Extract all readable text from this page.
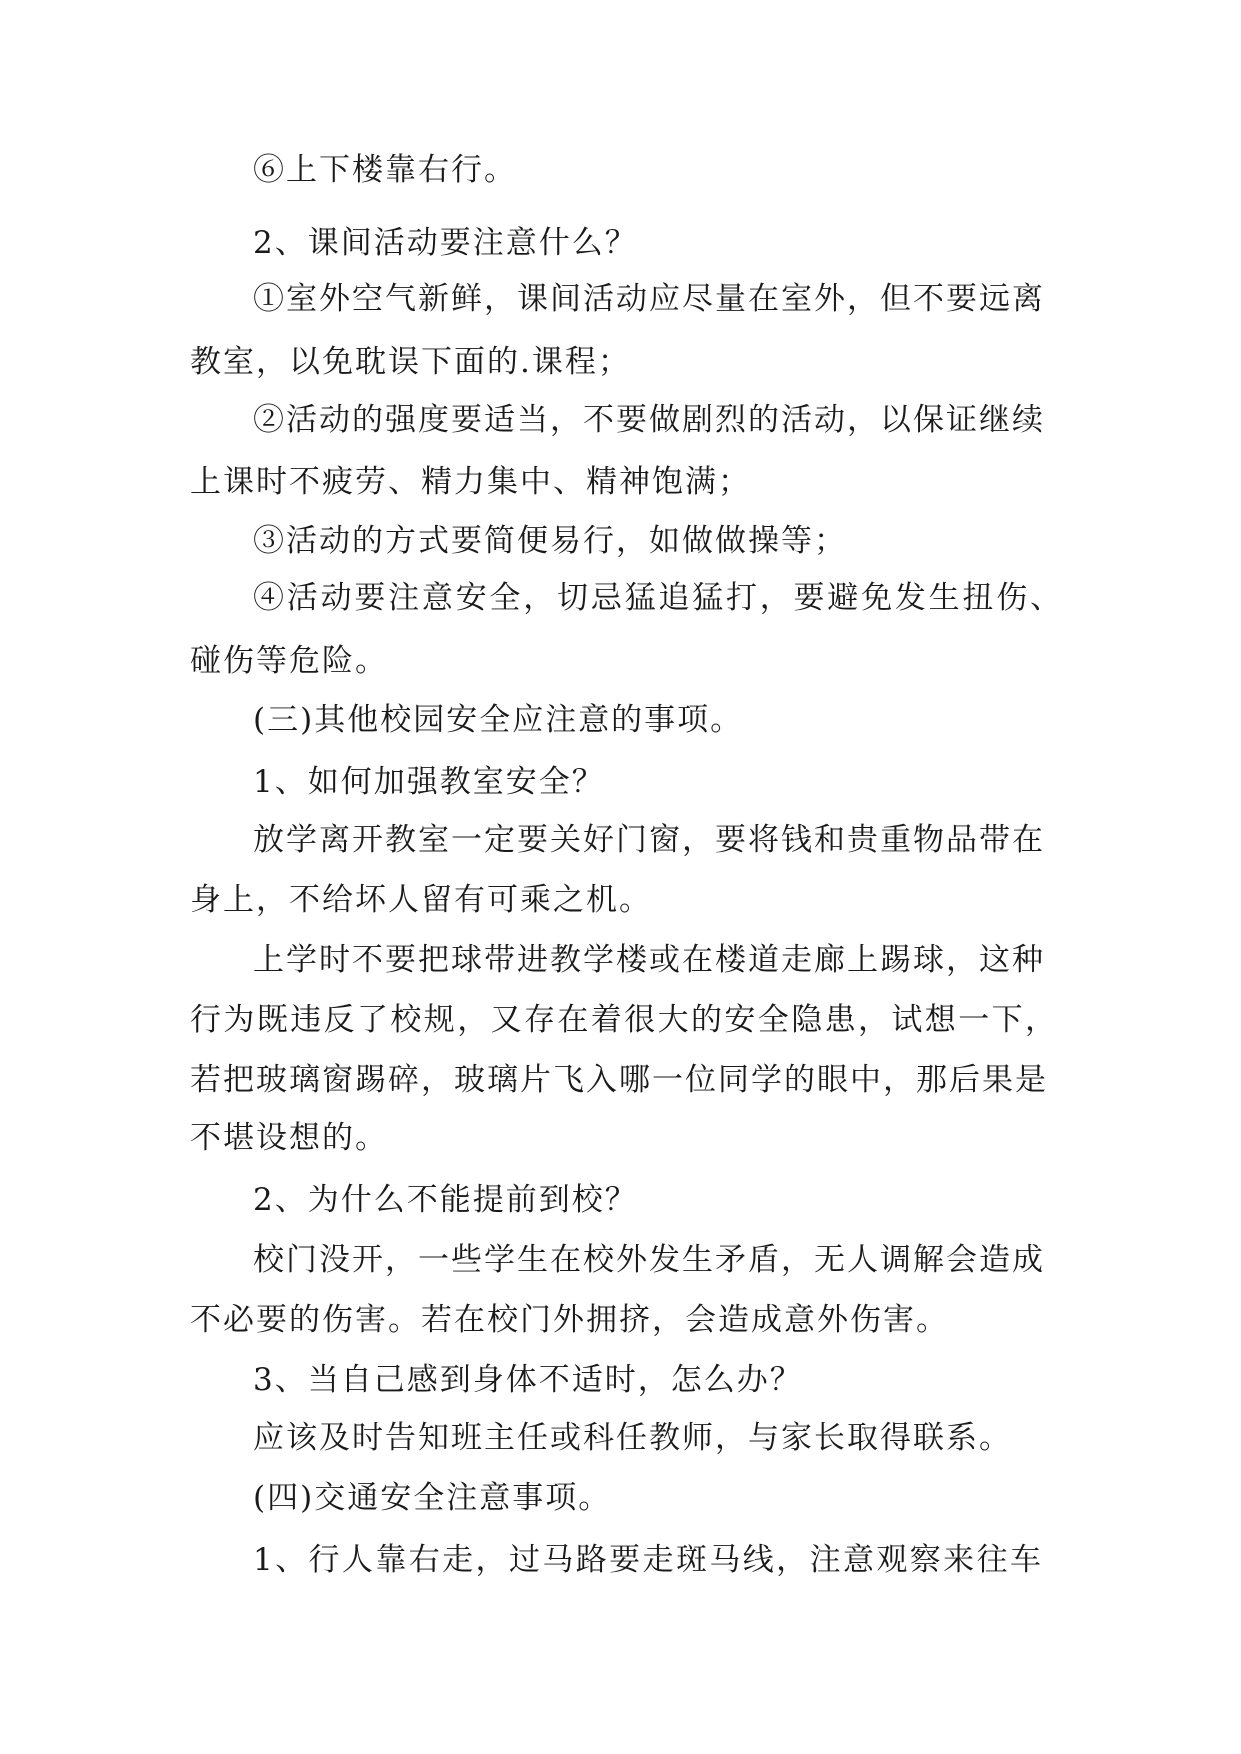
⑥上下楼靠右行。
2、课间活动要注意什么？
①室外空气新鲜，课间活动应尽量在室外，但不要远离
教室，以免耽误下面的.课程；
②活动的强度要适当，不要做剧烈的活动，以保证继续
上课时不疲劳、精力集中、精神饱满；
③活动的方式要简便易行，如做做操等；
④活动要注意安全，切忌猛追猛打，要避免发生扭伤、
碰伤等危险。
(三)其他校园安全应注意的事项。
1、如何加强教室安全？
放学离开教室一定要关好门窗，要将钱和贵重物品带在
身上，不给坏人留有可乘之机。
上学时不要把球带进教学楼或在楼道走廊上踢球，这种
行为既违反了校规，又存在着很大的安全隐患，试想一下，
若把玻璃窗踢碎，玻璃片飞入哪一位同学的眼中，那后果是
不堪设想的。
2、为什么不能提前到校？
校门没开，一些学生在校外发生矛盾，无人调解会造成
不必要的伤害。若在校门外拥挤，会造成意外伤害。
3、当自己感到身体不适时，怎么办？
应该及时告知班主任或科任教师，与家长取得联系。
(四)交通安全注意事项。
1、行人靠右走，过马路要走斑马线，注意观察来往车
